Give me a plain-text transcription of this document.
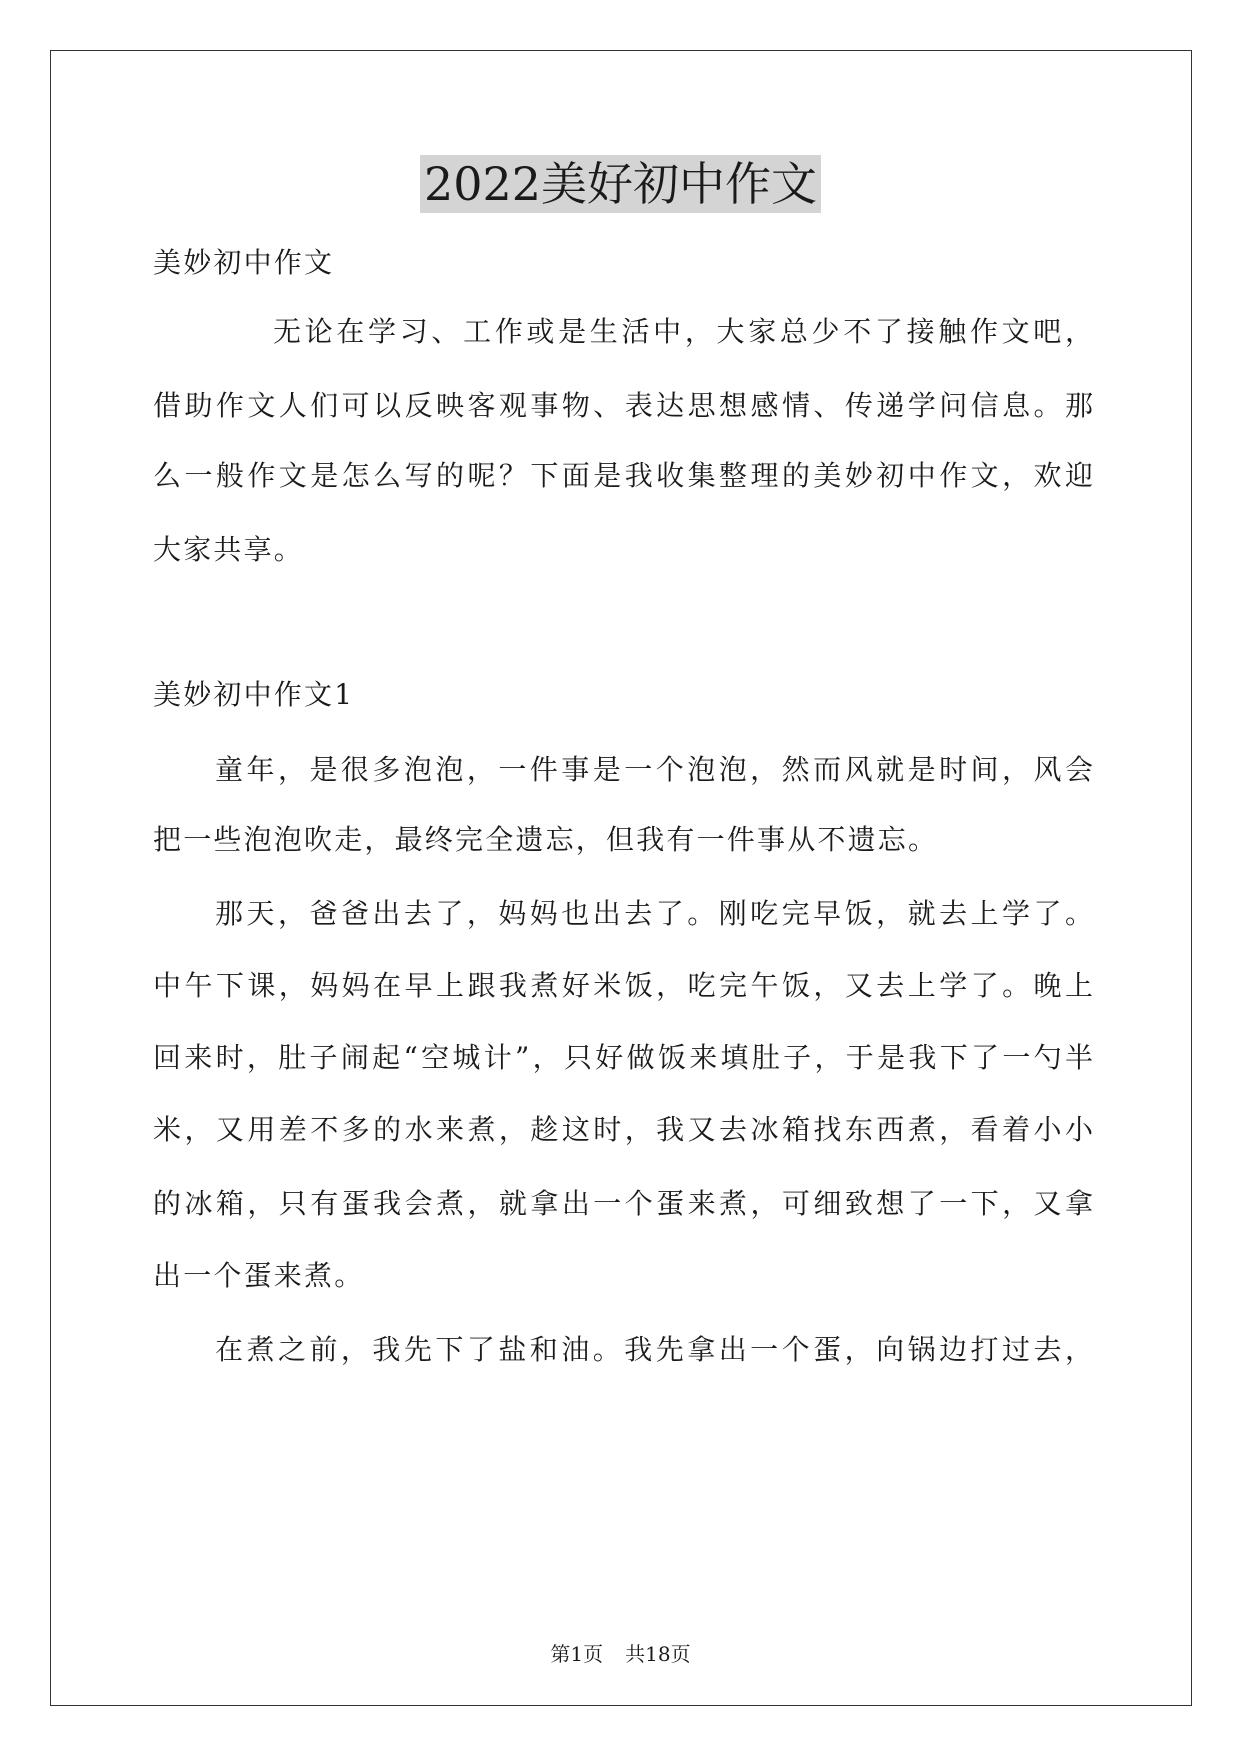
2022美好初中作文
美妙初中作文
无论在学习、工作或是生活中，大家总少不了接触作文吧，
借助作文人们可以反映客观事物、表达思想感情、传递学问信息。那
么一般作文是怎么写的呢？下面是我收集整理的美妙初中作文，欢迎
大家共享。
美妙初中作文1
童年，是很多泡泡，一件事是一个泡泡，然而风就是时间，风会
把一些泡泡吹走，最终完全遗忘，但我有一件事从不遗忘。
那天，爸爸出去了，妈妈也出去了。刚吃完早饭，就去上学了。
中午下课，妈妈在早上跟我煮好米饭，吃完午饭，又去上学了。晚上
回来时，肚子闹起“空城计”，只好做饭来填肚子，于是我下了一勺半
米，又用差不多的水来煮，趁这时，我又去冰箱找东西煮，看着小小
的冰箱，只有蛋我会煮，就拿出一个蛋来煮，可细致想了一下，又拿
出一个蛋来煮。
在煮之前，我先下了盐和油。我先拿出一个蛋，向锅边打过去，
第1页 共18页
